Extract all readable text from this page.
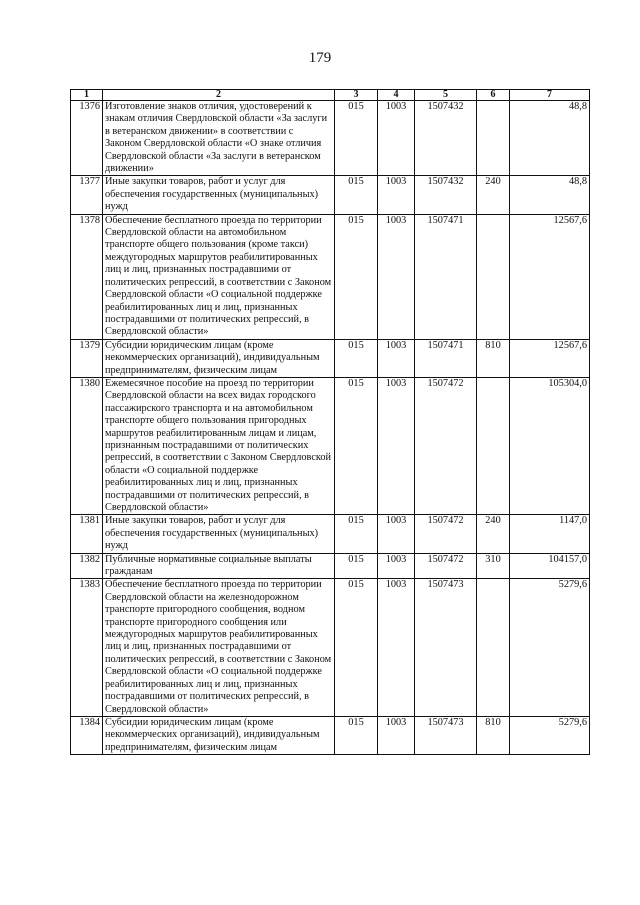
179
1	2	3	4	5	6	7
1376	Изготовление знаков отличия, удостоверений к знакам отличия Свердловской области «За заслуги в ветеранском движении» в соответствии с Законом Свердловской области «О знаке отличия Свердловской области «За заслуги в ветеранском движении»	015	1003	1507432		48,8
1377	Иные закупки товаров, работ и услуг для обеспечения государственных (муниципальных) нужд	015	1003	1507432	240	48,8
1378	Обеспечение бесплатного проезда по территории Свердловской области на автомобильном транспорте общего пользования (кроме такси) междугородных маршрутов реабилитированных лиц и лиц, признанных пострадавшими от политических репрессий, в соответствии с Законом Свердловской области «О социальной поддержке реабилитированных лиц и лиц, признанных пострадавшими от политических репрессий, в Свердловской области»	015	1003	1507471		12567,6
1379	Субсидии юридическим лицам (кроме некоммерческих организаций), индивидуальным предпринимателям, физическим лицам	015	1003	1507471	810	12567,6
1380	Ежемесячное пособие на проезд по территории Свердловской области на всех видах городского пассажирского транспорта и на автомобильном транспорте общего пользования пригородных маршрутов реабилитированным лицам и лицам, признанным пострадавшими от политических репрессий, в соответствии с Законом Свердловской области «О социальной поддержке реабилитированных лиц и лиц, признанных пострадавшими от политических репрессий, в Свердловской области»	015	1003	1507472		105304,0
1381	Иные закупки товаров, работ и услуг для обеспечения государственных (муниципальных) нужд	015	1003	1507472	240	1147,0
1382	Публичные нормативные социальные выплаты гражданам	015	1003	1507472	310	104157,0
1383	Обеспечение бесплатного проезда по территории Свердловской области на железнодорожном транспорте пригородного сообщения, водном транспорте пригородного сообщения или междугородных маршрутов реабилитированных лиц и лиц, признанных пострадавшими от политических репрессий, в соответствии с Законом Свердловской области «О социальной поддержке реабилитированных лиц и лиц, признанных пострадавшими от политических репрессий, в Свердловской области»	015	1003	1507473		5279,6
1384	Субсидии юридическим лицам (кроме некоммерческих организаций), индивидуальным предпринимателям, физическим лицам	015	1003	1507473	810	5279,6
